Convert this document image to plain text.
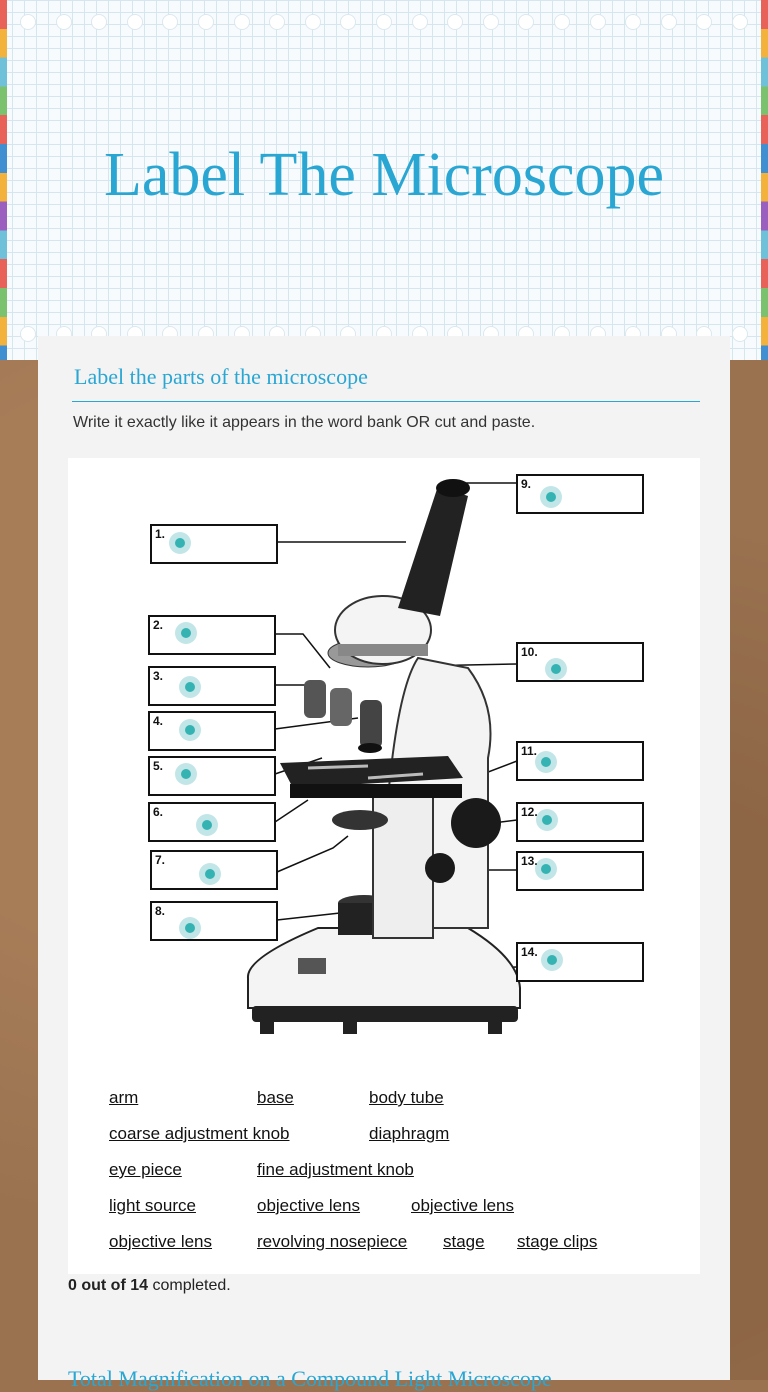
Label The Microscope
Label the parts of the microscope
Write it exactly like it appears in the word bank OR cut and paste.
1.
2.
3.
4.
5.
6.
7.
8.
9.
10.
11.
12.
13.
14.
arm	base	body tube
coarse adjustment knob	diaphragm
eye piece	fine adjustment knob
light source	objective lens	objective lens
objective lens	revolving nosepiece stage stage clips
0 out of 14 completed.
Total Magnification on a Compound Light Microscope
